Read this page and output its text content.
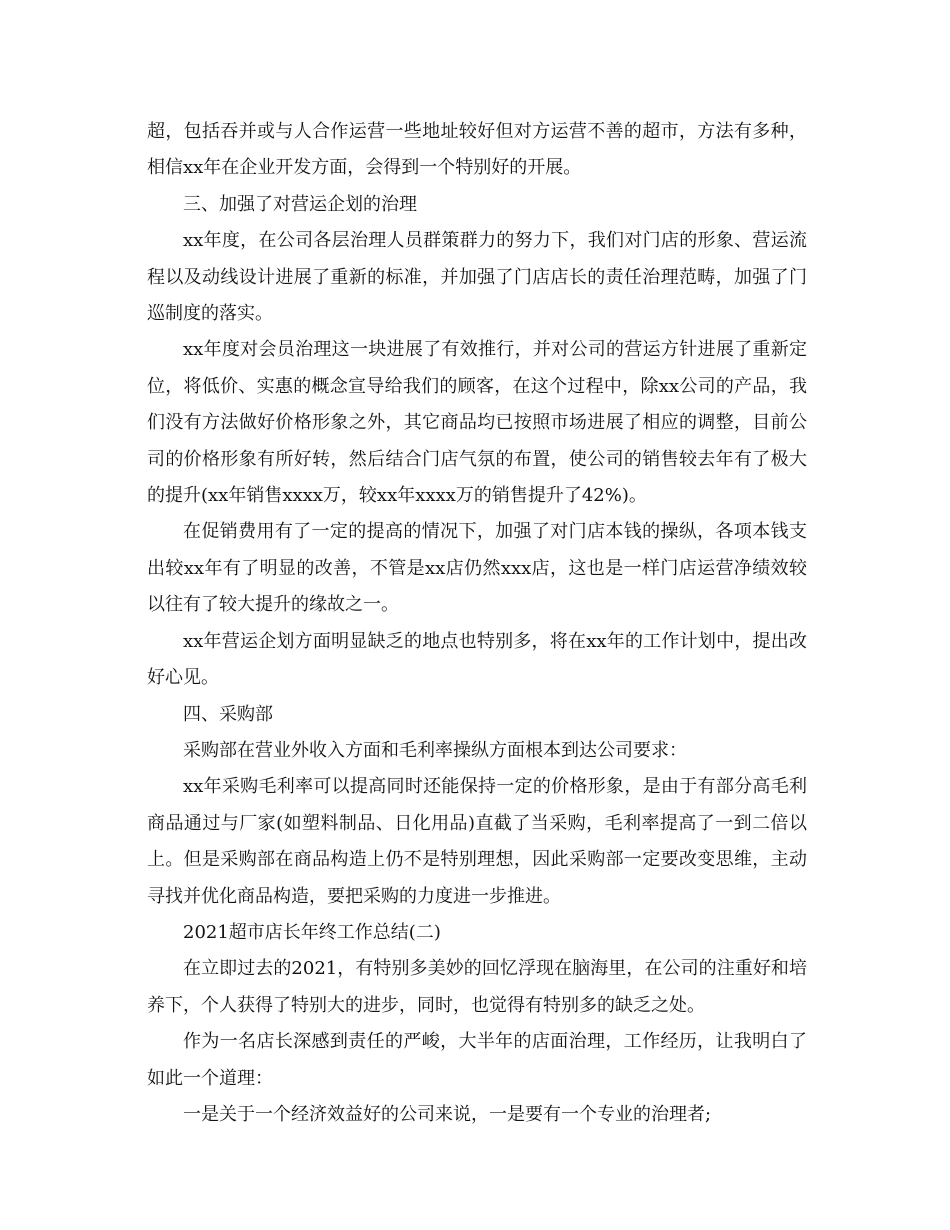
超，包括吞并或与人合作运营一些地址较好但对方运营不善的超市，方法有多种，相信xx年在企业开发方面，会得到一个特别好的开展。

三、加强了对营运企划的治理

xx年度，在公司各层治理人员群策群力的努力下，我们对门店的形象、营运流程以及动线设计进展了重新的标准，并加强了门店店长的责任治理范畴，加强了门巡制度的落实。

xx年度对会员治理这一块进展了有效推行，并对公司的营运方针进展了重新定位，将低价、实惠的概念宣导给我们的顾客，在这个过程中，除xx公司的产品，我们没有方法做好价格形象之外，其它商品均已按照市场进展了相应的调整，目前公司的价格形象有所好转，然后结合门店气氛的布置，使公司的销售较去年有了极大的提升(xx年销售xxxx万，较xx年xxxx万的销售提升了42%)。

在促销费用有了一定的提高的情况下，加强了对门店本钱的操纵，各项本钱支出较xx年有了明显的改善，不管是xx店仍然xxx店，这也是一样门店运营净绩效较以往有了较大提升的缘故之一。

xx年营运企划方面明显缺乏的地点也特别多，将在xx年的工作计划中，提出改好心见。

四、采购部

采购部在营业外收入方面和毛利率操纵方面根本到达公司要求：

xx年采购毛利率可以提高同时还能保持一定的价格形象，是由于有部分高毛利商品通过与厂家(如塑料制品、日化用品)直截了当采购，毛利率提高了一到二倍以上。但是采购部在商品构造上仍不是特别理想，因此采购部一定要改变思维，主动寻找并优化商品构造，要把采购的力度进一步推进。

2021超市店长年终工作总结(二)

在立即过去的2021，有特别多美妙的回忆浮现在脑海里，在公司的注重好和培养下，个人获得了特别大的进步，同时，也觉得有特别多的缺乏之处。

作为一名店长深感到责任的严峻，大半年的店面治理，工作经历，让我明白了如此一个道理：

一是关于一个经济效益好的公司来说，一是要有一个专业的治理者;
